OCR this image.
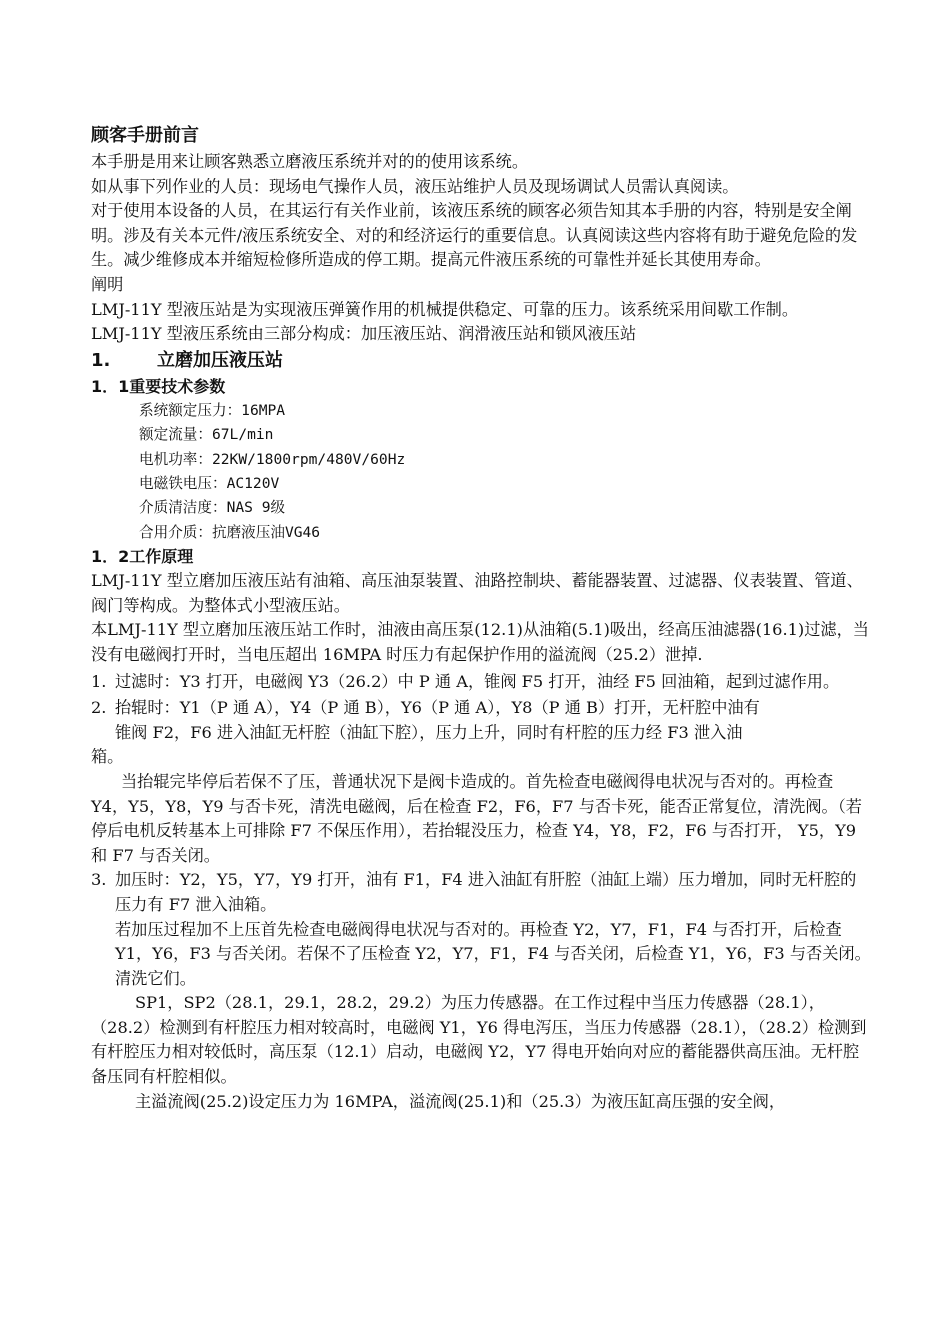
顾客手册前言

本手册是用来让顾客熟悉立磨液压系统并对的的使用该系统。

如从事下列作业的人员：现场电气操作人员，液压站维护人员及现场调试人员需认真阅读。

对于使用本设备的人员，在其运行有关作业前，该液压系统的顾客必须告知其本手册的内容，特别是安全阐明。涉及有关本元件/液压系统安全、对的和经济运行的重要信息。认真阅读这些内容将有助于避免危险的发生。减少维修成本并缩短检修所造成的停工期。提高元件液压系统的可靠性并延长其使用寿命。

阐明

LMJ-11Y 型液压站是为实现液压弹簧作用的机械提供稳定、可靠的压力。该系统采用间歇工作制。

LMJ-11Y 型液压系统由三部分构成：加压液压站、润滑液压站和锁风液压站

1.	立磨加压液压站

1．1重要技术参数

系统额定压力：16MPA

额定流量：67L/min

电机功率：22KW/1800rpm/480V/60Hz

电磁铁电压：AC120V

介质清洁度：NAS 9级

合用介质：抗磨液压油VG46

1．2工作原理

LMJ-11Y 型立磨加压液压站有油箱、高压油泵装置、油路控制块、蓄能器装置、过滤器、仪表装置、管道、阀门等构成。为整体式小型液压站。

本LMJ-11Y 型立磨加压液压站工作时，油液由高压泵(12.1)从油箱(5.1)吸出，经高压油滤器(16.1)过滤，当没有电磁阀打开时，当电压超出 16MPA 时压力有起保护作用的溢流阀（25.2）泄掉.

1. 过滤时：Y3 打开，电磁阀 Y3（26.2）中 P 通 A，锥阀 F5 打开，油经 F5 回油箱，起到过滤作用。
2. 抬辊时：Y1（P 通 A），Y4（P 通 B），Y6（P 通 A），Y8（P 通 B）打开，无杆腔中油有

锥阀 F2，F6 进入油缸无杆腔（油缸下腔），压力上升，同时有杆腔的压力经 F3 泄入油

箱。

当抬辊完毕停后若保不了压，普通状况下是阀卡造成的。首先检查电磁阀得电状况与否对的。再检查 Y4，Y5，Y8，Y9 与否卡死，清洗电磁阀，后在检查 F2，F6，F7 与否卡死，能否正常复位，清洗阀。（若停后电机反转基本上可排除 F7 不保压作用），若抬辊没压力，检查 Y4，Y8，F2，F6 与否打开， Y5，Y9 和 F7 与否关闭。

3. 加压时：Y2，Y5，Y7，Y9 打开，油有 F1，F4 进入油缸有肝腔（油缸上端）压力增加，同时无杆腔的压力有 F7 泄入油箱。

若加压过程加不上压首先检查电磁阀得电状况与否对的。再检查 Y2，Y7，F1，F4 与否打开，后检查 Y1，Y6，F3 与否关闭。若保不了压检查 Y2，Y7，F1，F4 与否关闭，后检查 Y1，Y6，F3 与否关闭。清洗它们。

SP1，SP2（28.1，29.1，28.2，29.2）为压力传感器。在工作过程中当压力传感器（28.1），（28.2）检测到有杆腔压力相对较高时，电磁阀 Y1，Y6 得电泻压，当压力传感器（28.1），（28.2）检测到有杆腔压力相对较低时，高压泵（12.1）启动，电磁阀 Y2，Y7 得电开始向对应的蓄能器供高压油。无杆腔备压同有杆腔相似。

主溢流阀(25.2)设定压力为 16MPA，溢流阀(25.1)和（25.3）为液压缸高压强的安全阀，
